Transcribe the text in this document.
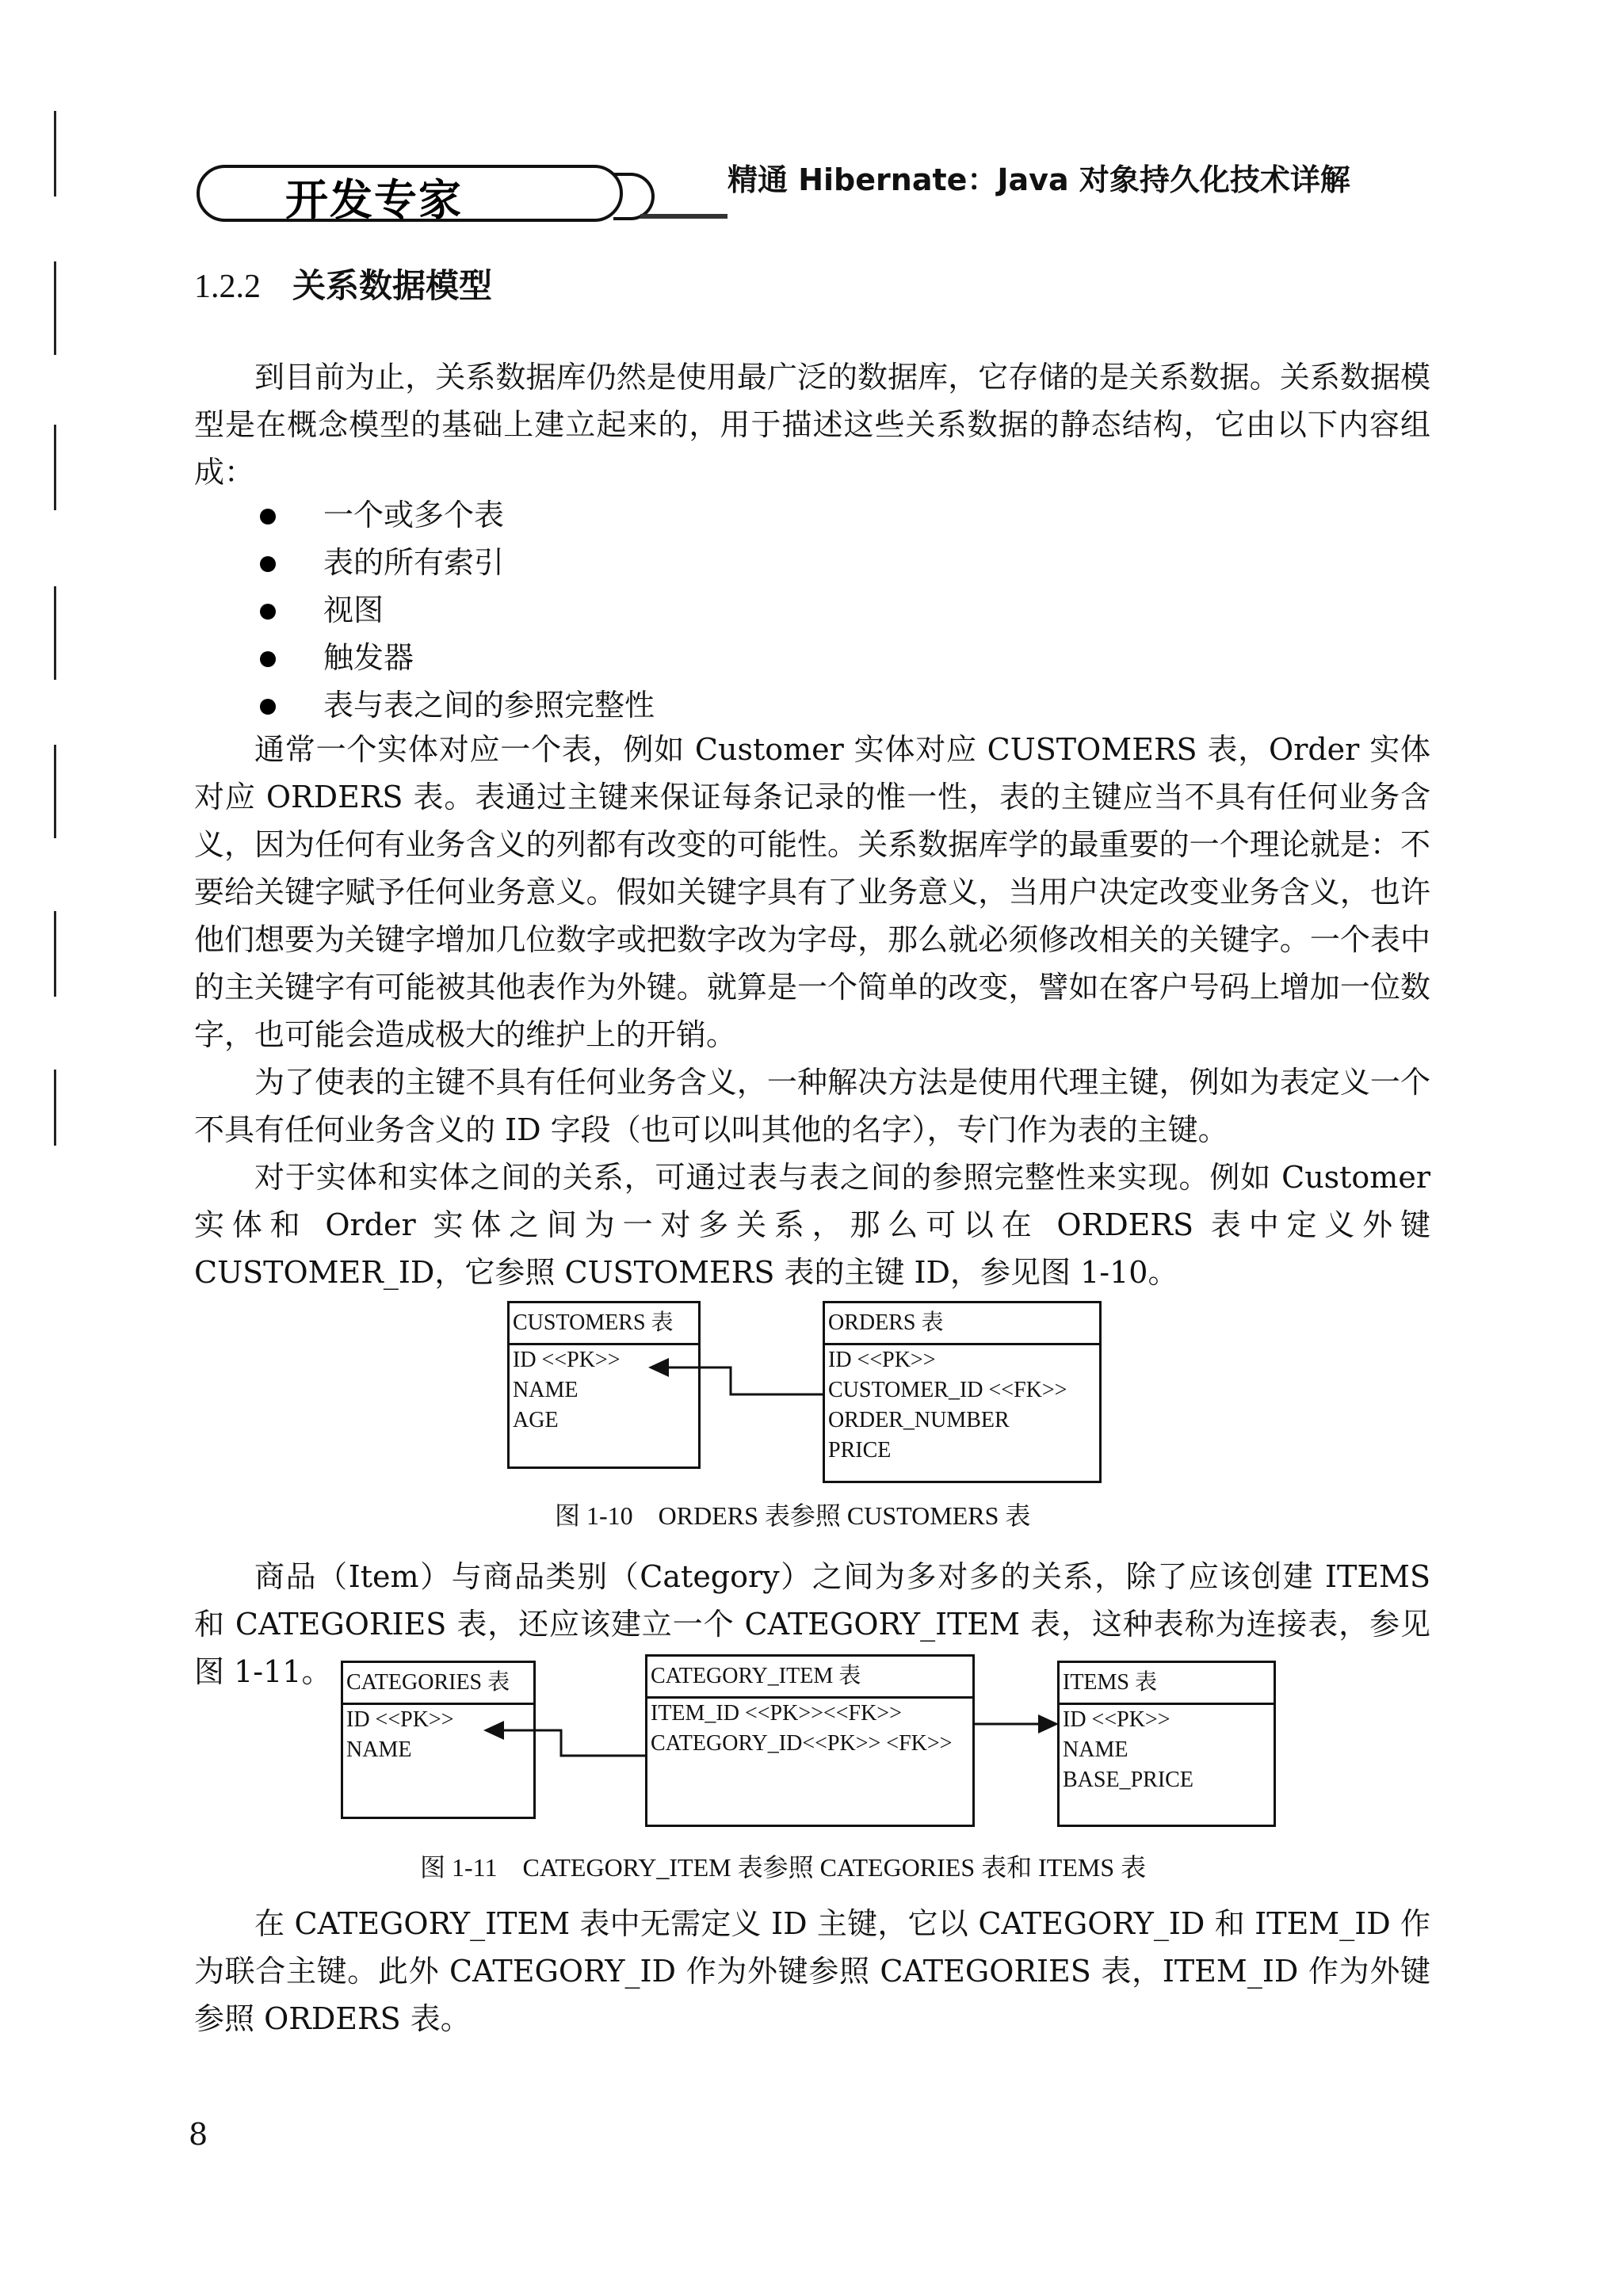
开发专家	精通 Hibernate：Java 对象持久化技术详解
1.2.2 关系数据模型

到目前为止，关系数据库仍然是使用最广泛的数据库，它存储的是关系数据。关系数据模型是在概念模型的基础上建立起来的，用于描述这些关系数据的静态结构，它由以下内容组成：

一个或多个表
表的所有索引
视图
触发器
表与表之间的参照完整性

通常一个实体对应一个表，例如 Customer 实体对应 CUSTOMERS 表，Order 实体对应 ORDERS 表。表通过主键来保证每条记录的惟一性，表的主键应当不具有任何业务含义，因为任何有业务含义的列都有改变的可能性。关系数据库学的最重要的一个理论就是：不要给关键字赋予任何业务意义。假如关键字具有了业务意义，当用户决定改变业务含义，也许他们想要为关键字增加几位数字或把数字改为字母，那么就必须修改相关的关键字。一个表中的主关键字有可能被其他表作为外键。就算是一个简单的改变，譬如在客户号码上增加一位数字，也可能会造成极大的维护上的开销。

为了使表的主键不具有任何业务含义，一种解决方法是使用代理主键，例如为表定义一个不具有任何业务含义的 ID 字段（也可以叫其他的名字），专门作为表的主键。

对于实体和实体之间的关系，可通过表与表之间的参照完整性来实现。例如 Customer 实体和 Order 实体之间为一对多关系，那么可以在 ORDERS 表中定义外键 CUSTOMER_ID，它参照 CUSTOMERS 表的主键 ID，参见图 1-10。

CUSTOMERS 表
ID <<PK>>
NAME
AGE
ORDERS 表
ID <<PK>>
CUSTOMER_ID <<FK>>
ORDER_NUMBER
PRICE
图 1-10　ORDERS 表参照 CUSTOMERS 表

商品（Item）与商品类别（Category）之间为多对多的关系，除了应该创建 ITEMS 和 CATEGORIES 表，还应该建立一个 CATEGORY_ITEM 表，这种表称为连接表，参见图 1-11。 CATEGORIES 表
ID <<PK>>
NAME
CATEGORY_ITEM 表
ITEM_ID <<PK>><<FK>>
CATEGORY_ID<<PK>> <FK>>
ITEMS 表
ID <<PK>>
NAME
BASE_PRICE
图 1-11　CATEGORY_ITEM 表参照 CATEGORIES 表和 ITEMS 表

在 CATEGORY_ITEM 表中无需定义 ID 主键，它以 CATEGORY_ID 和 ITEM_ID 作为联合主键。此外 CATEGORY_ID 作为外键参照 CATEGORIES 表，ITEM_ID 作为外键参照 ORDERS 表。

8
